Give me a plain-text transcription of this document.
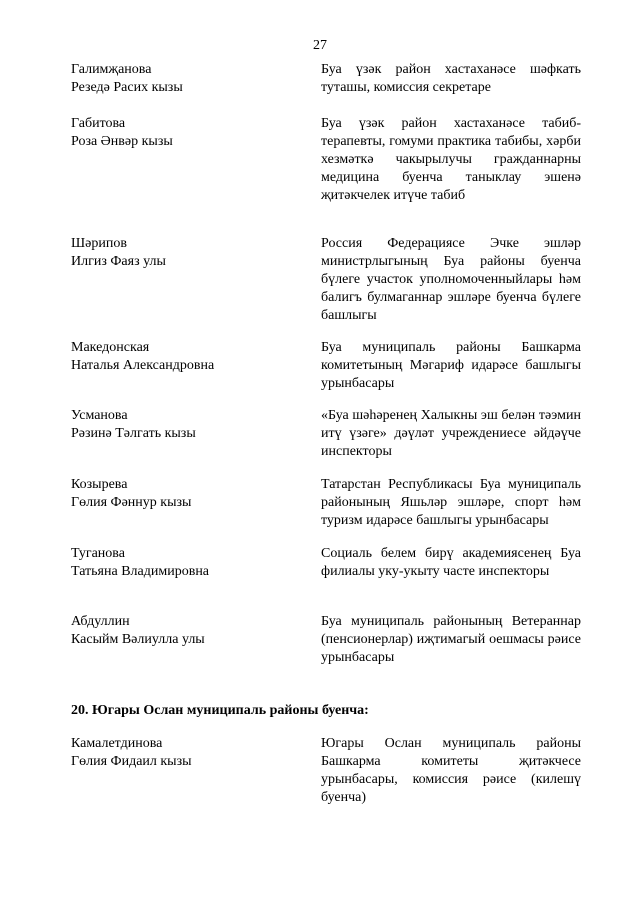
27
Галимҗанова
Резедә Расих кызы
Буа үзәк район хастаханәсе шәфкать туташы, комиссия секретаре
Габитова
Роза Әнвәр кызы
Буа үзәк район хастаханәсе табиб-терапевты, гомуми практика табибы, хәрби хезмәткә чакырылучы гражданнарны медицина буенча таныклау эшенә җитәкчелек итүче табиб
Шәрипов
Илгиз Фаяз улы
Россия Федерациясе Эчке эшләр министрлыгының Буа районы буенча бүлеге участок уполномоченныйлары һәм балигъ булмаганнар эшләре буенча бүлеге башлыгы
Македонская
Наталья Александровна
Буа муниципаль районы Башкарма комитетының Мәгариф идарәсе башлыгы урынбасары
Усманова
Рәзинә Тәлгать кызы
«Буа шәһәренең Халыкны эш белән тәэмин итү үзәге» дәүләт учреждениесе әйдәүче инспекторы
Козырева
Гөлия Фәннур кызы
Татарстан Республикасы Буа муниципаль районының Яшьләр эшләре, спорт һәм туризм идарәсе башлыгы урынбасары
Туганова
Татьяна Владимировна
Социаль белем бирү академиясенең Буа филиалы уку-укыту часте инспекторы
Абдуллин
Касыйм Вәлиулла улы
Буа муниципаль районының Ветераннар (пенсионерлар) иҗтимагый оешмасы рәисе урынбасары
20. Югары Ослан муниципаль районы буенча:
Камалетдинова
Гөлия Фидаил кызы
Югары Ослан муниципаль районы Башкарма комитеты җитәкчесе урынбасары, комиссия рәисе (килешү буенча)
